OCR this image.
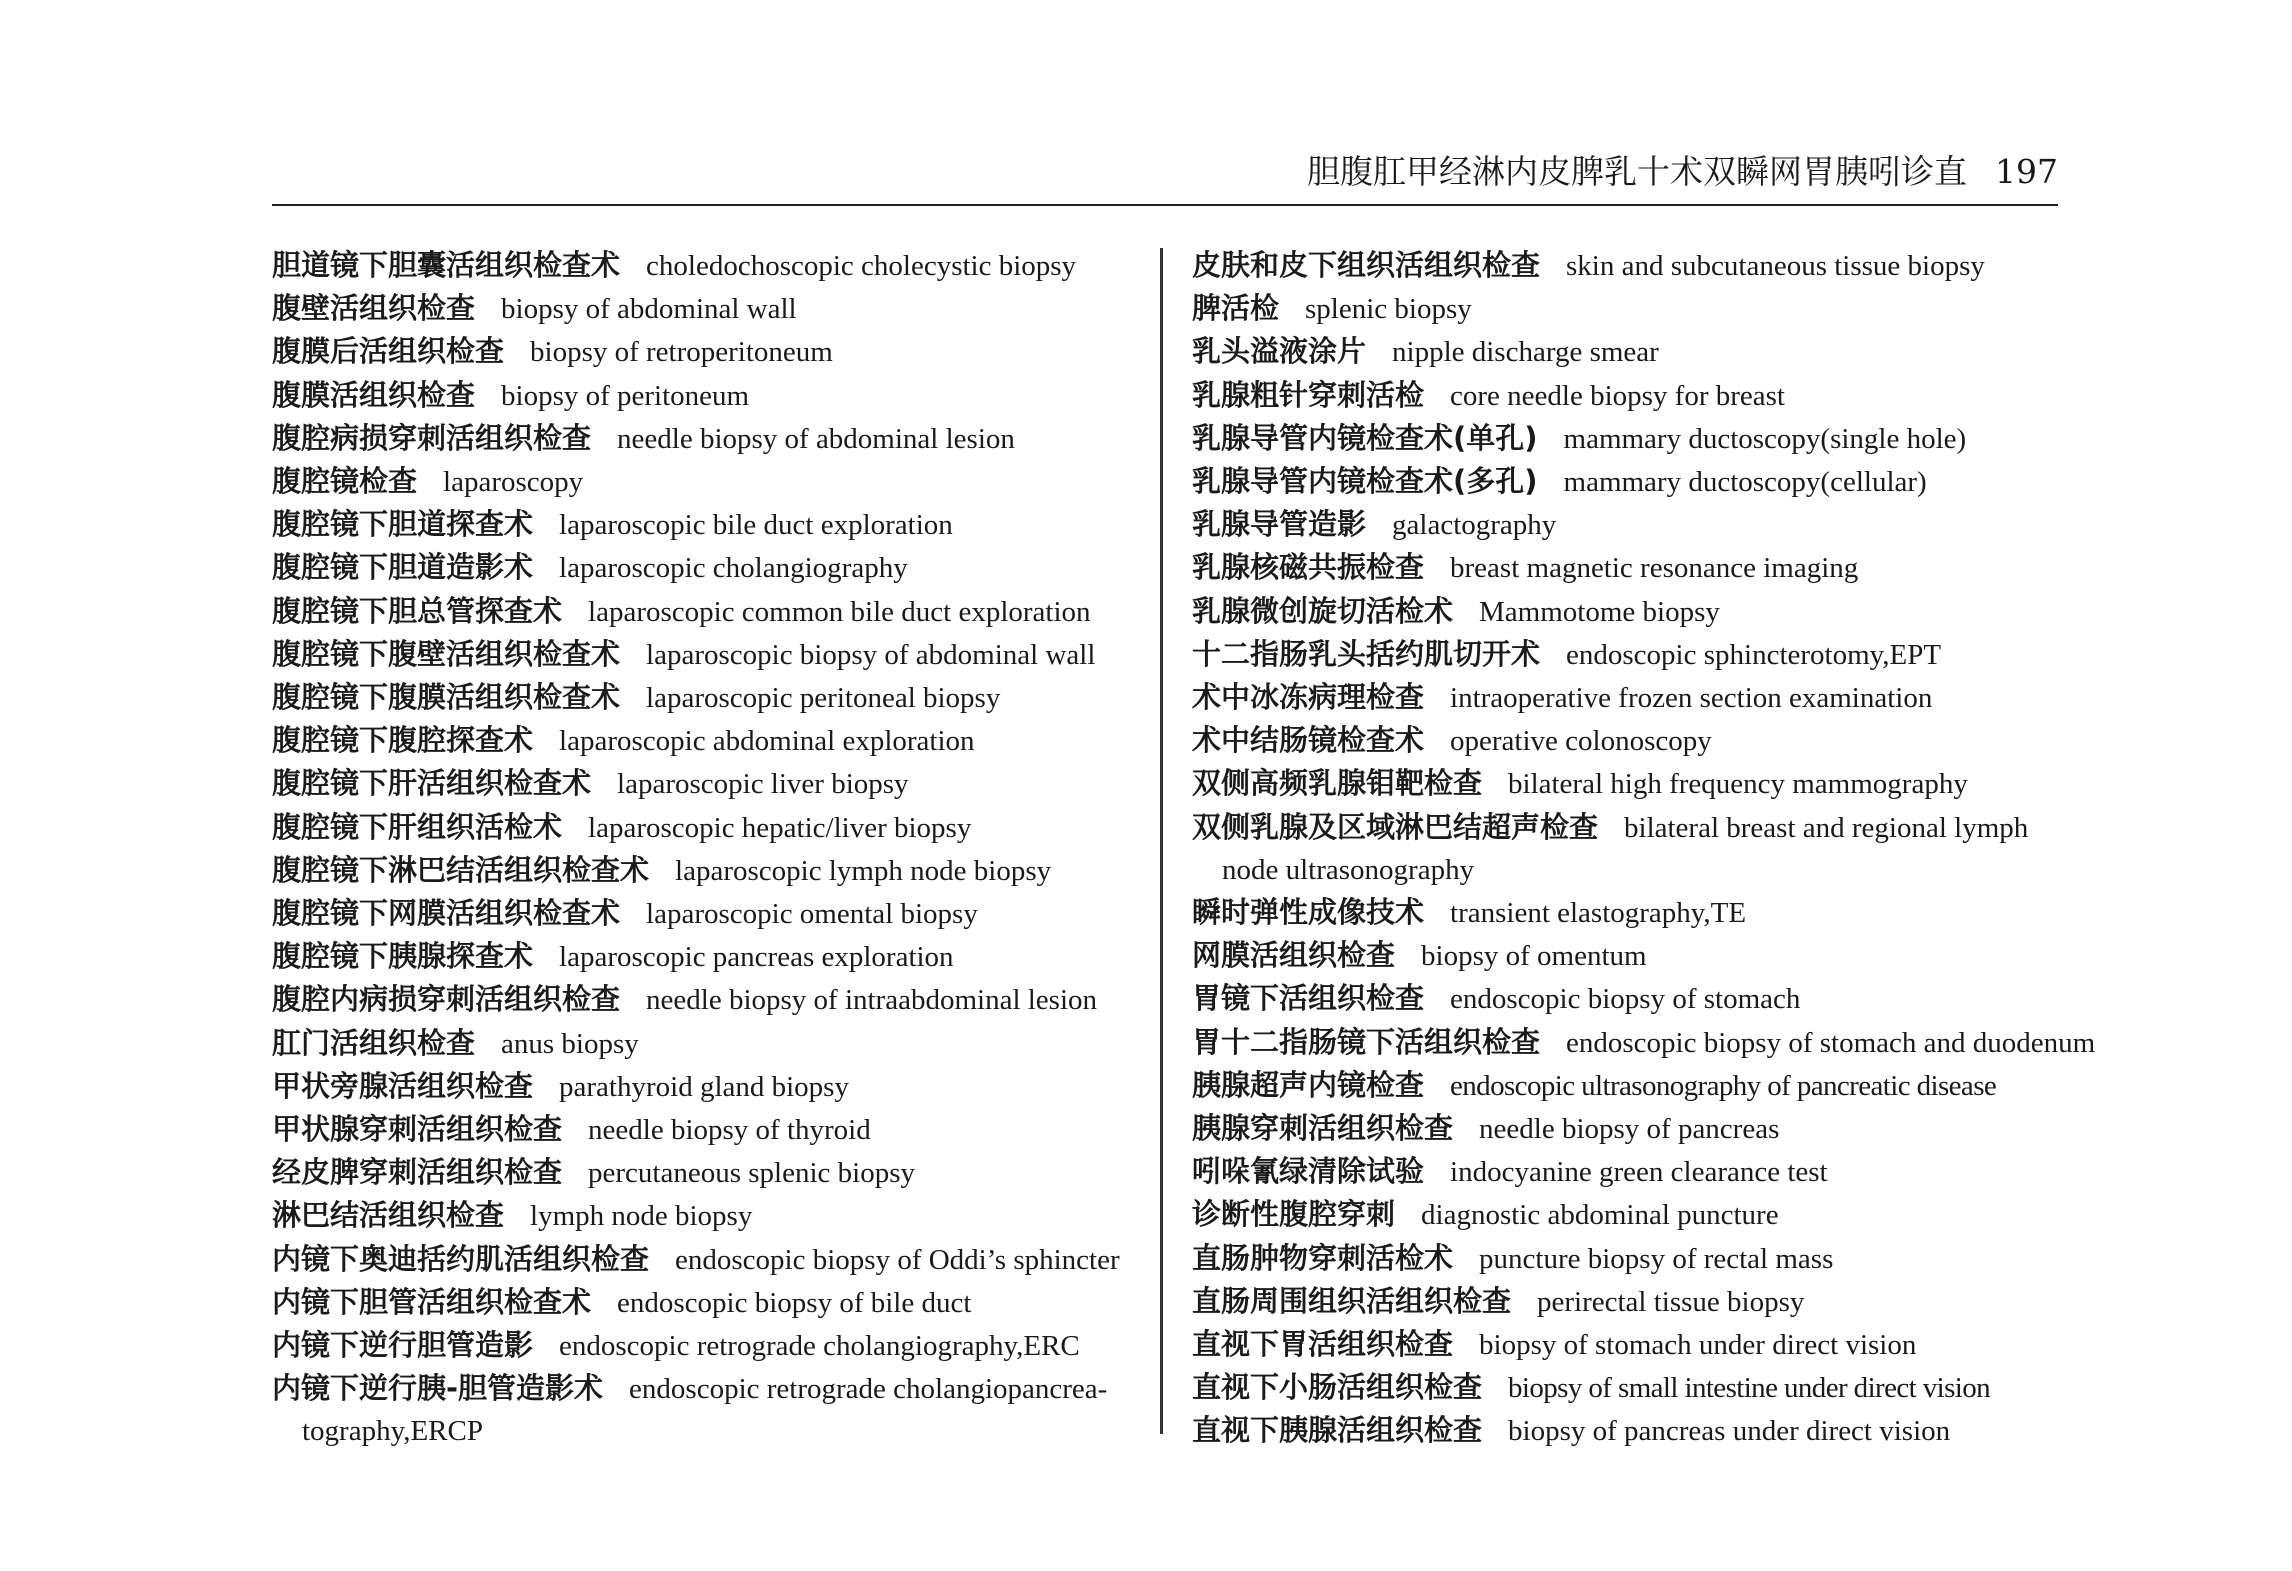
胆腹肛甲经淋内皮脾乳十术双瞬网胃胰吲诊直 197
胆道镜下胆囊活组织检查术 choledochoscopic cholecystic biopsy
腹壁活组织检查 biopsy of abdominal wall
腹膜后活组织检查 biopsy of retroperitoneum
腹膜活组织检查 biopsy of peritoneum
腹腔病损穿刺活组织检查 needle biopsy of abdominal lesion
腹腔镜检查 laparoscopy
腹腔镜下胆道探查术 laparoscopic bile duct exploration
腹腔镜下胆道造影术 laparoscopic cholangiography
腹腔镜下胆总管探查术 laparoscopic common bile duct exploration
腹腔镜下腹壁活组织检查术 laparoscopic biopsy of abdominal wall
腹腔镜下腹膜活组织检查术 laparoscopic peritoneal biopsy
腹腔镜下腹腔探查术 laparoscopic abdominal exploration
腹腔镜下肝活组织检查术 laparoscopic liver biopsy
腹腔镜下肝组织活检术 laparoscopic hepatic/liver biopsy
腹腔镜下淋巴结活组织检查术 laparoscopic lymph node biopsy
腹腔镜下网膜活组织检查术 laparoscopic omental biopsy
腹腔镜下胰腺探查术 laparoscopic pancreas exploration
腹腔内病损穿刺活组织检查 needle biopsy of intraabdominal lesion
肛门活组织检查 anus biopsy
甲状旁腺活组织检查 parathyroid gland biopsy
甲状腺穿刺活组织检查 needle biopsy of thyroid
经皮脾穿刺活组织检查 percutaneous splenic biopsy
淋巴结活组织检查 lymph node biopsy
内镜下奥迪括约肌活组织检查 endoscopic biopsy of Oddi’s sphincter
内镜下胆管活组织检查术 endoscopic biopsy of bile duct
内镜下逆行胆管造影 endoscopic retrograde cholangiography,ERC
内镜下逆行胰-胆管造影术 endoscopic retrograde cholangiopancrea-
tography,ERCP
皮肤和皮下组织活组织检查 skin and subcutaneous tissue biopsy
脾活检 splenic biopsy
乳头溢液涂片 nipple discharge smear
乳腺粗针穿刺活检 core needle biopsy for breast
乳腺导管内镜检查术(单孔) mammary ductoscopy(single hole)
乳腺导管内镜检查术(多孔) mammary ductoscopy(cellular)
乳腺导管造影 galactography
乳腺核磁共振检查 breast magnetic resonance imaging
乳腺微创旋切活检术 Mammotome biopsy
十二指肠乳头括约肌切开术 endoscopic sphincterotomy,EPT
术中冰冻病理检查 intraoperative frozen section examination
术中结肠镜检查术 operative colonoscopy
双侧高频乳腺钼靶检查 bilateral high frequency mammography
双侧乳腺及区域淋巴结超声检查 bilateral breast and regional lymph
node ultrasonography
瞬时弹性成像技术 transient elastography,TE
网膜活组织检查 biopsy of omentum
胃镜下活组织检查 endoscopic biopsy of stomach
胃十二指肠镜下活组织检查 endoscopic biopsy of stomach and duodenum
胰腺超声内镜检查 endoscopic ultrasonography of pancreatic disease
胰腺穿刺活组织检查 needle biopsy of pancreas
吲哚氰绿清除试验 indocyanine green clearance test
诊断性腹腔穿刺 diagnostic abdominal puncture
直肠肿物穿刺活检术 puncture biopsy of rectal mass
直肠周围组织活组织检查 perirectal tissue biopsy
直视下胃活组织检查 biopsy of stomach under direct vision
直视下小肠活组织检查 biopsy of small intestine under direct vision
直视下胰腺活组织检查 biopsy of pancreas under direct vision
